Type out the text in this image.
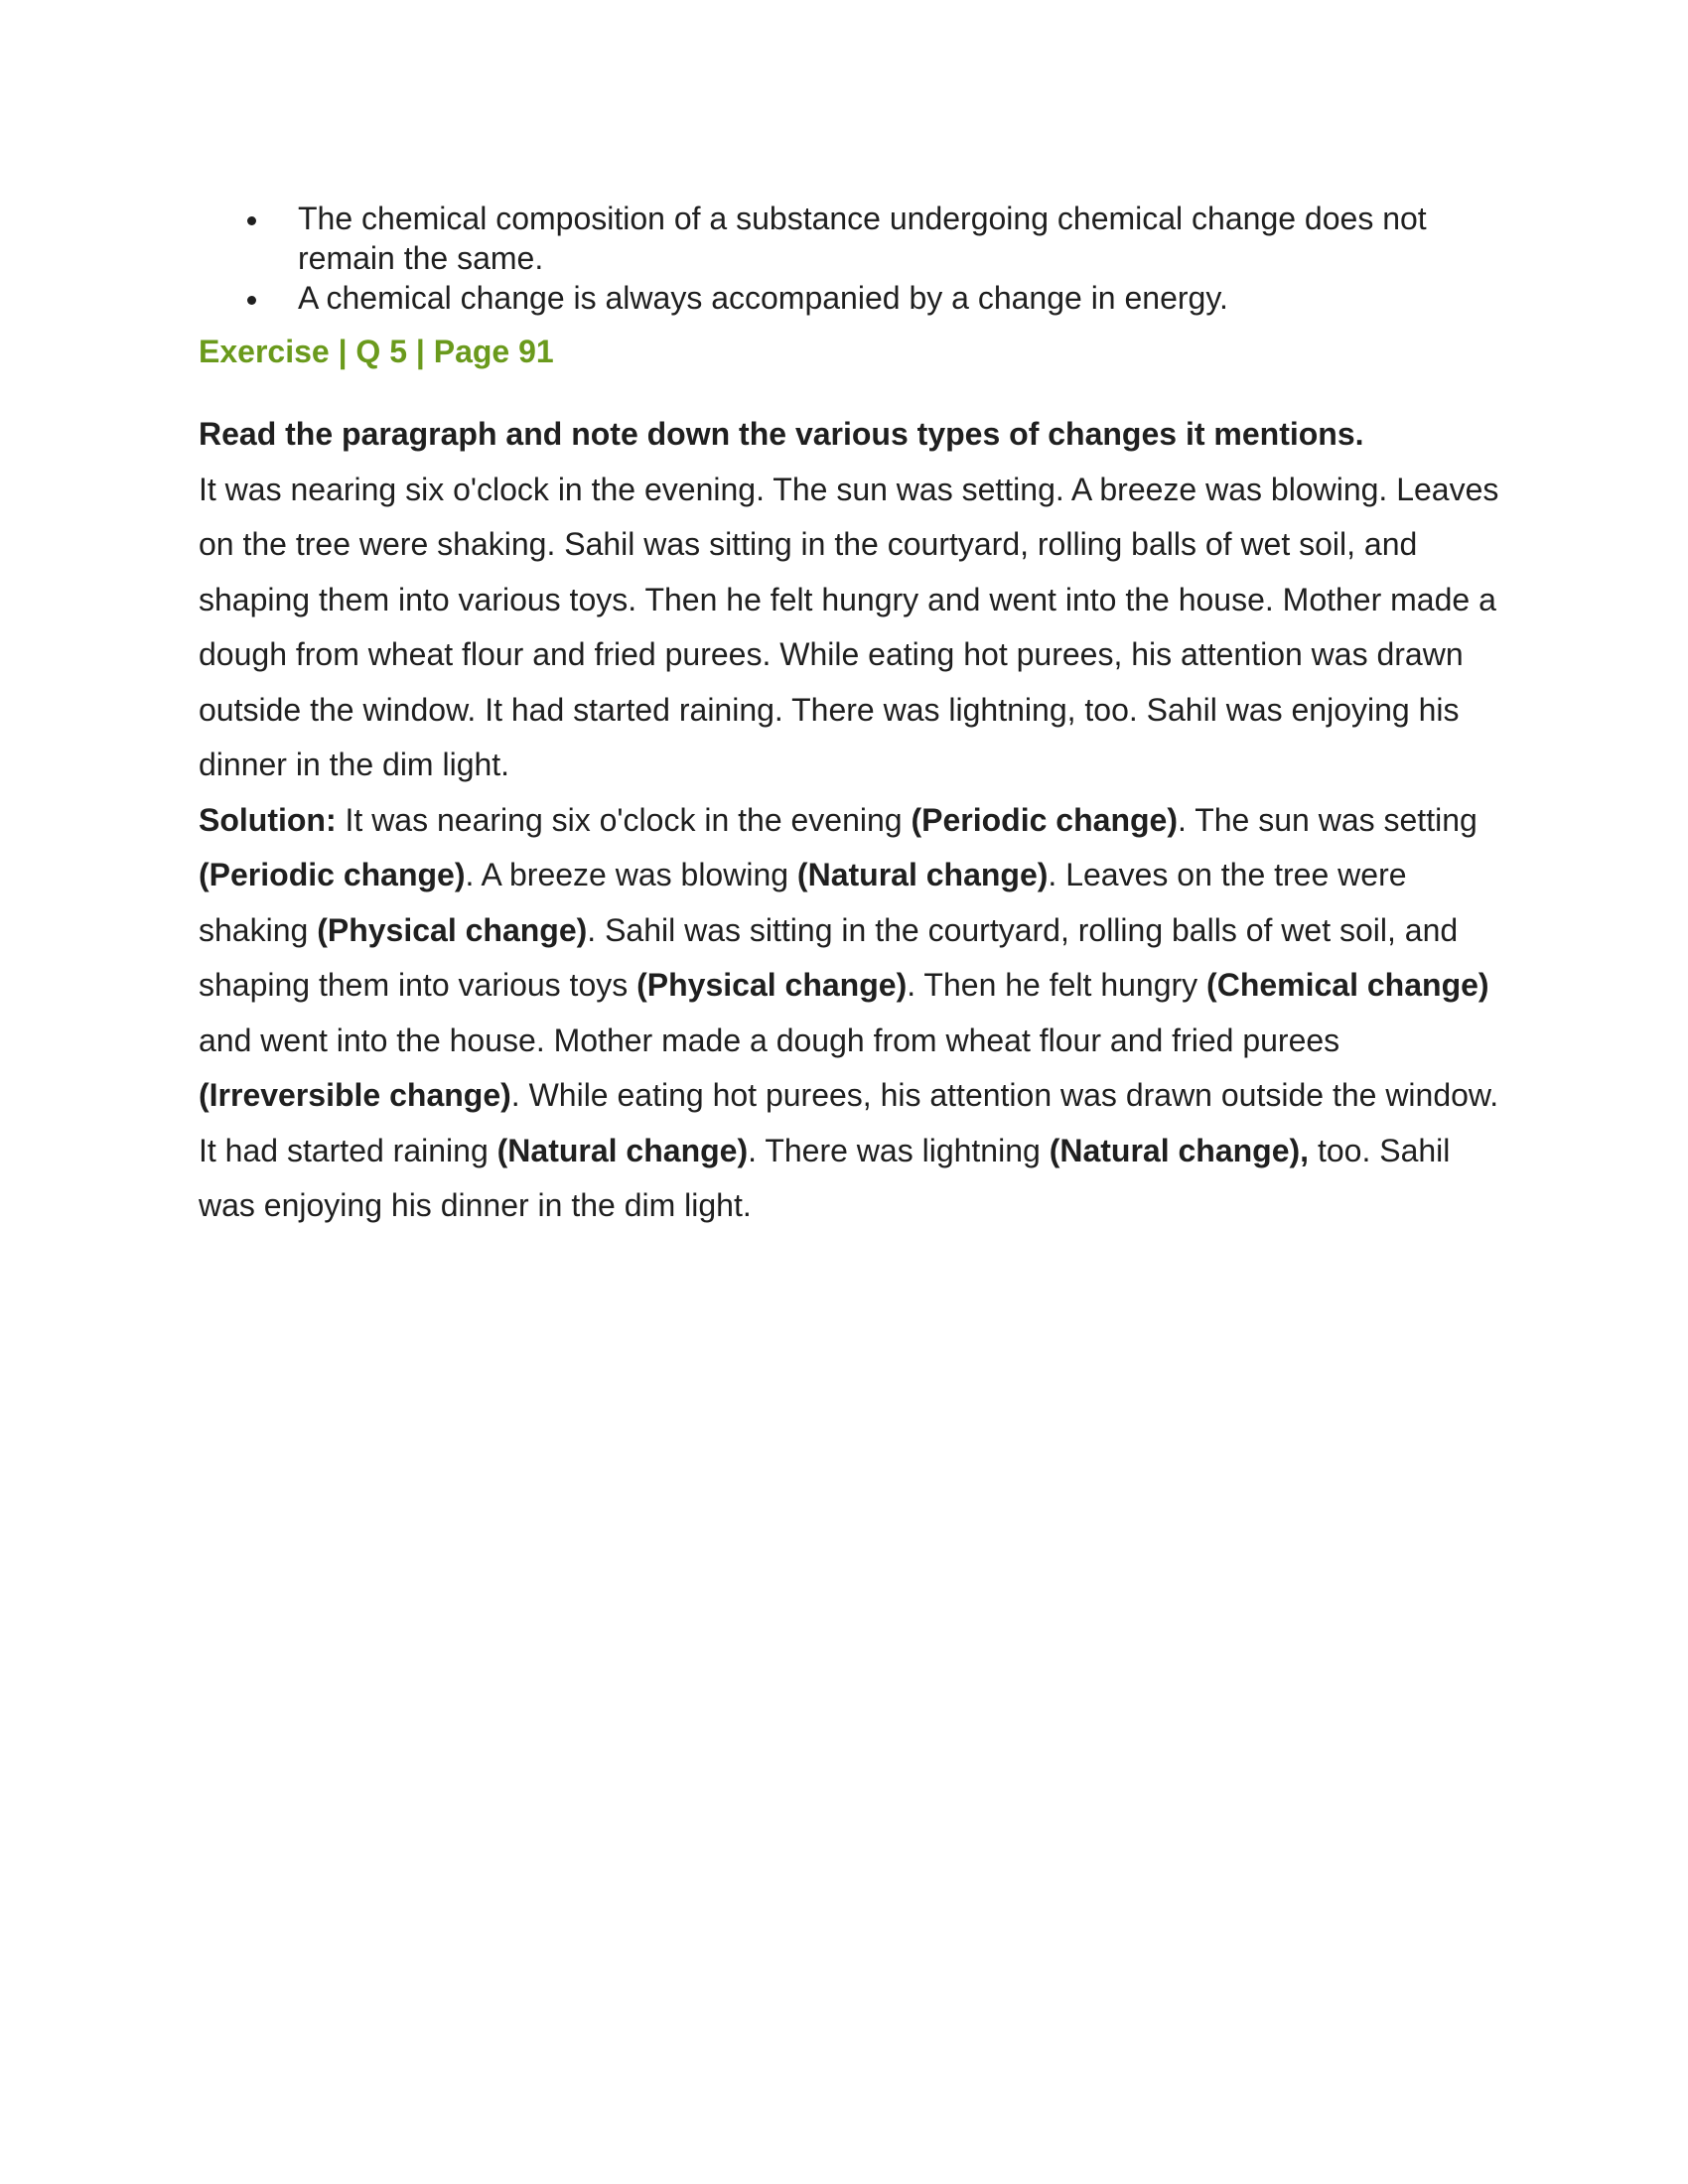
The chemical composition of a substance undergoing chemical change does not remain the same.
A chemical change is always accompanied by a change in energy.
Exercise | Q 5 | Page 91

Read the paragraph and note down the various types of changes it mentions.

It was nearing six o'clock in the evening. The sun was setting. A breeze was blowing. Leaves on the tree were shaking. Sahil was sitting in the courtyard, rolling balls of wet soil, and shaping them into various toys. Then he felt hungry and went into the house. Mother made a dough from wheat flour and fried purees. While eating hot purees, his attention was drawn outside the window. It had started raining. There was lightning, too. Sahil was enjoying his dinner in the dim light.

Solution: It was nearing six o'clock in the evening (Periodic change). The sun was setting (Periodic change). A breeze was blowing (Natural change). Leaves on the tree were shaking (Physical change). Sahil was sitting in the courtyard, rolling balls of wet soil, and shaping them into various toys (Physical change). Then he felt hungry (Chemical change) and went into the house. Mother made a dough from wheat flour and fried purees (Irreversible change). While eating hot purees, his attention was drawn outside the window. It had started raining (Natural change). There was lightning (Natural change), too. Sahil was enjoying his dinner in the dim light.
